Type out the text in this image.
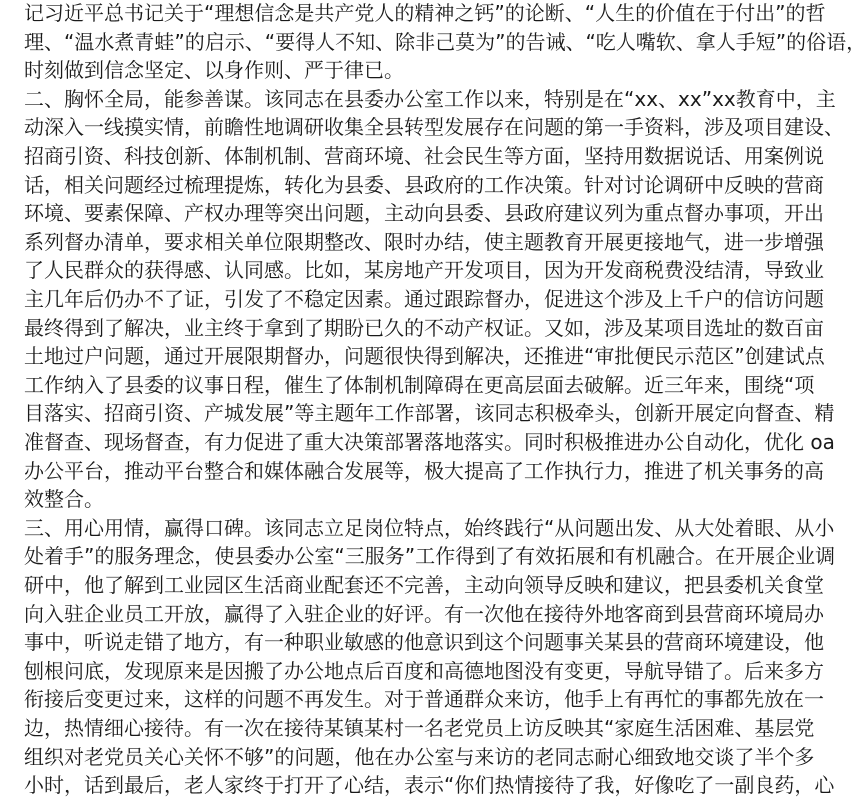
记习近平总书记关于“理想信念是共产党人的精神之钙”的论断、“人生的价值在于付出”的哲
理、“温水煮青蛙”的启示、“要得人不知、除非己莫为”的告诫、“吃人嘴软、拿人手短”的俗语，
时刻做到信念坚定、以身作则、严于律已。
二、胸怀全局，能参善谋。该同志在县委办公室工作以来，特别是在“xx、xx”xx教育中，主
动深入一线摸实情，前瞻性地调研收集全县转型发展存在问题的第一手资料，涉及项目建设、
招商引资、科技创新、体制机制、营商环境、社会民生等方面，坚持用数据说话、用案例说
话，相关问题经过梳理提炼，转化为县委、县政府的工作决策。针对讨论调研中反映的营商
环境、要素保障、产权办理等突出问题，主动向县委、县政府建议列为重点督办事项，开出
系列督办清单，要求相关单位限期整改、限时办结，使主题教育开展更接地气，进一步增强
了人民群众的获得感、认同感。比如，某房地产开发项目，因为开发商税费没结清，导致业
主几年后仍办不了证，引发了不稳定因素。通过跟踪督办，促进这个涉及上千户的信访问题
最终得到了解决，业主终于拿到了期盼已久的不动产权证。又如，涉及某项目选址的数百亩
土地过户问题，通过开展限期督办，问题很快得到解决，还推进“审批便民示范区”创建试点
工作纳入了县委的议事日程，催生了体制机制障碍在更高层面去破解。近三年来，围绕“项
目落实、招商引资、产城发展”等主题年工作部署，该同志积极牵头，创新开展定向督查、精
准督查、现场督查，有力促进了重大决策部署落地落实。同时积极推进办公自动化，优化 oa
办公平台，推动平台整合和媒体融合发展等，极大提高了工作执行力，推进了机关事务的高
效整合。
三、用心用情，赢得口碑。该同志立足岗位特点，始终践行“从问题出发、从大处着眼、从小
处着手”的服务理念，使县委办公室“三服务”工作得到了有效拓展和有机融合。在开展企业调
研中，他了解到工业园区生活商业配套还不完善，主动向领导反映和建议，把县委机关食堂
向入驻企业员工开放，赢得了入驻企业的好评。有一次他在接待外地客商到县营商环境局办
事中，听说走错了地方，有一种职业敏感的他意识到这个问题事关某县的营商环境建设，他
刨根问底，发现原来是因搬了办公地点后百度和高德地图没有变更，导航导错了。后来多方
衔接后变更过来，这样的问题不再发生。对于普通群众来访，他手上有再忙的事都先放在一
边，热情细心接待。有一次在接待某镇某村一名老党员上访反映其“家庭生活困难、基层党
组织对老党员关心关怀不够”的问题，他在办公室与来访的老同志耐心细致地交谈了半个多
小时，话到最后，老人家终于打开了心结，表示“你们热情接待了我，好像吃了一副良药，心
